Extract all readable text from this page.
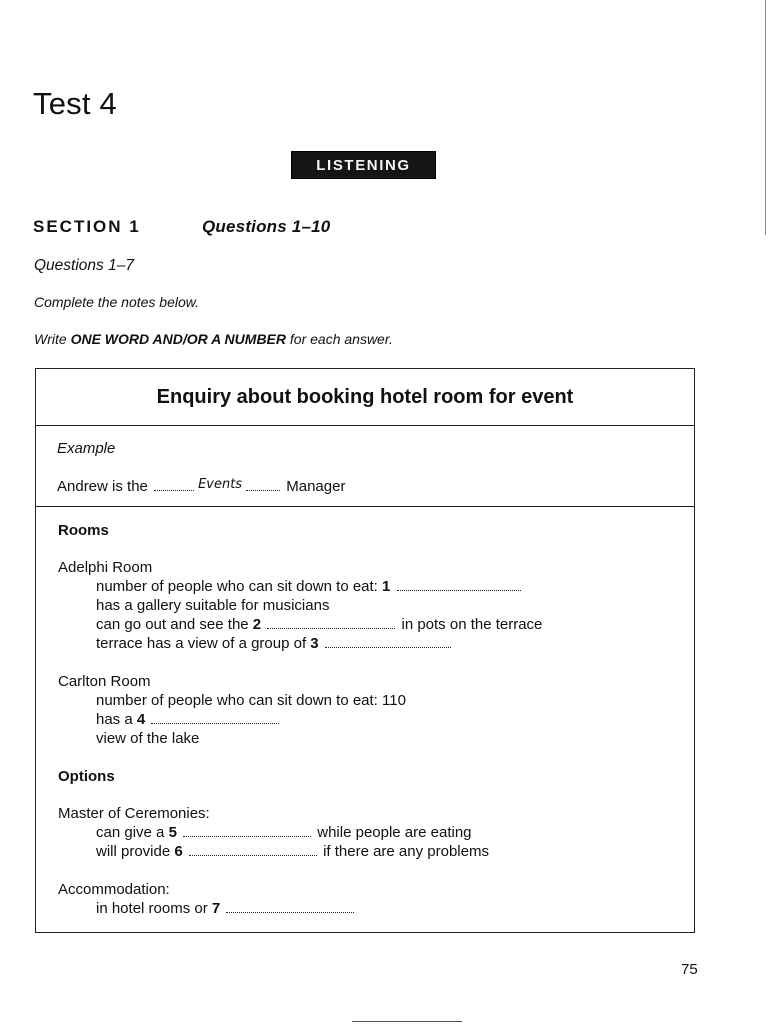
Test 4
LISTENING
SECTION 1	Questions 1–10
Questions 1–7
Complete the notes below.
Write ONE WORD AND/OR A NUMBER for each answer.
Enquiry about booking hotel room for event
Example
Andrew is the	Events	Manager
Rooms
Adelphi Room
number of people who can sit down to eat: 1
has a gallery suitable for musicians
can go out and see the 2	in pots on the terrace
terrace has a view of a group of 3
Carlton Room
number of people who can sit down to eat: 110
has a 4
view of the lake
Options
Master of Ceremonies:
can give a 5	while people are eating
will provide 6	if there are any problems
Accommodation:
in hotel rooms or 7
75
